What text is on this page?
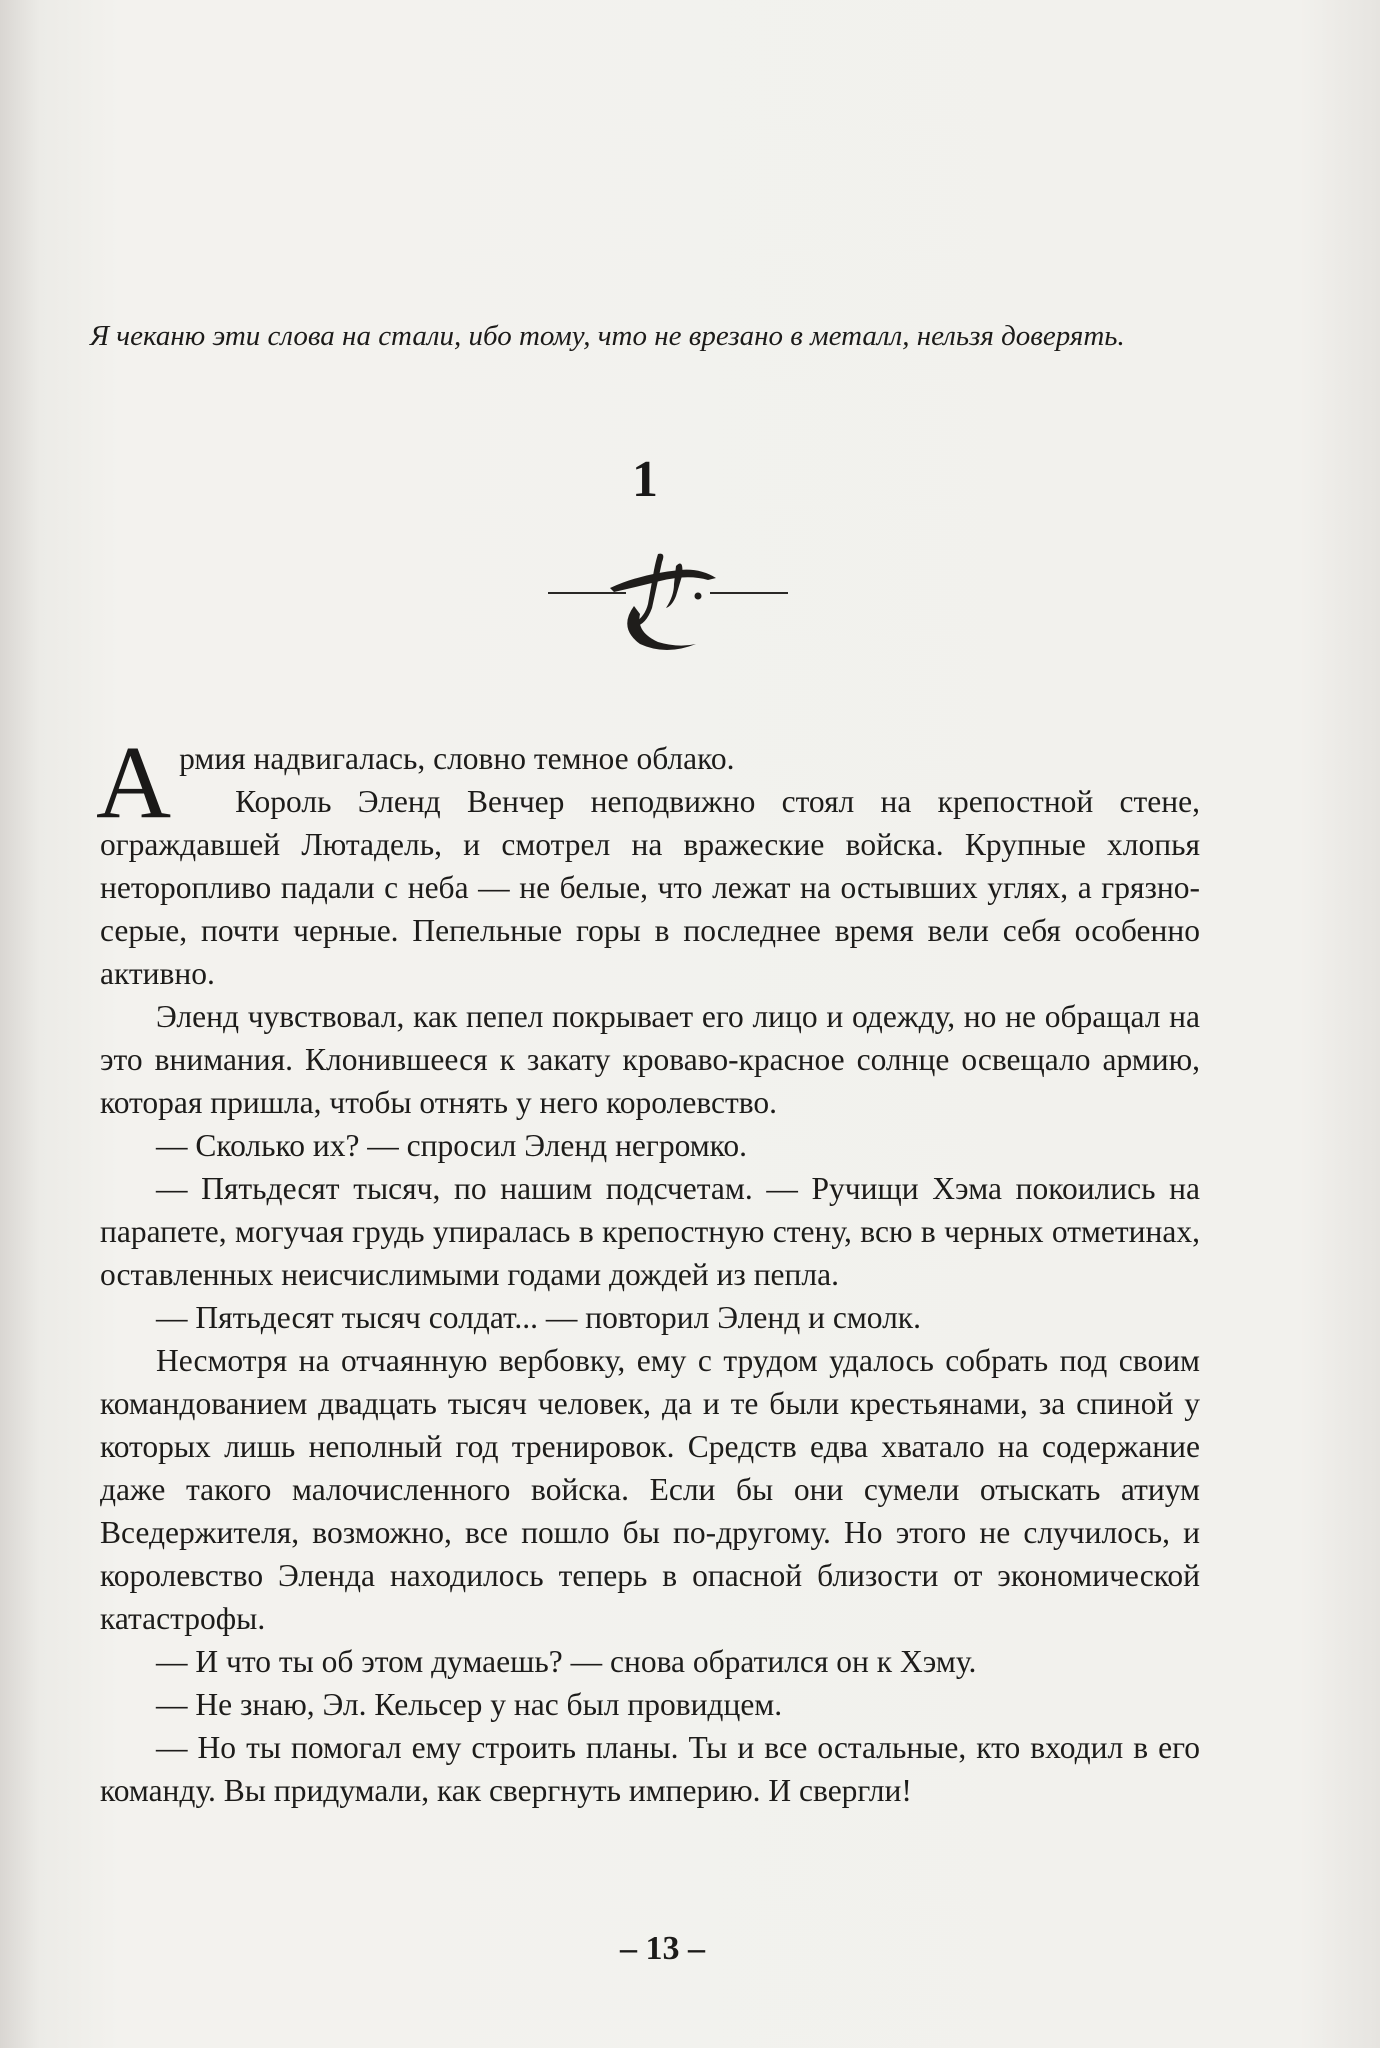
Я чеканю эти слова на стали, ибо тому, что не врезано в металл, нельзя доверять.
1

Армия надвигалась, словно темное облако.

Король Эленд Венчер неподвижно стоял на крепостной стене, ограждавшей Лютадель, и смотрел на вражеские войска. Крупные хлопья неторопливо падали с неба — не белые, что лежат на остывших углях, а грязно-серые, почти черные. Пепельные горы в последнее время вели себя особенно активно.

Эленд чувствовал, как пепел покрывает его лицо и одежду, но не обращал на это внимания. Клонившееся к закату кроваво-красное солнце освещало армию, которая пришла, чтобы отнять у него королевство.

— Сколько их? — спросил Эленд негромко.

— Пятьдесят тысяч, по нашим подсчетам. — Ручищи Хэма покоились на парапете, могучая грудь упиралась в крепостную стену, всю в черных отметинах, оставленных неисчислимыми годами дождей из пепла.

— Пятьдесят тысяч солдат... — повторил Эленд и смолк.

Несмотря на отчаянную вербовку, ему с трудом удалось собрать под своим командованием двадцать тысяч человек, да и те были крестьянами, за спиной у которых лишь неполный год тренировок. Средств едва хватало на содержание даже такого малочисленного войска. Если бы они сумели отыскать атиум Вседержителя, возможно, все пошло бы по-другому. Но этого не случилось, и королевство Эленда находилось теперь в опасной близости от экономической катастрофы.

— И что ты об этом думаешь? — снова обратился он к Хэму.

— Не знаю, Эл. Кельсер у нас был провидцем.

— Но ты помогал ему строить планы. Ты и все остальные, кто входил в его команду. Вы придумали, как свергнуть империю. И свергли!

– 13 –
